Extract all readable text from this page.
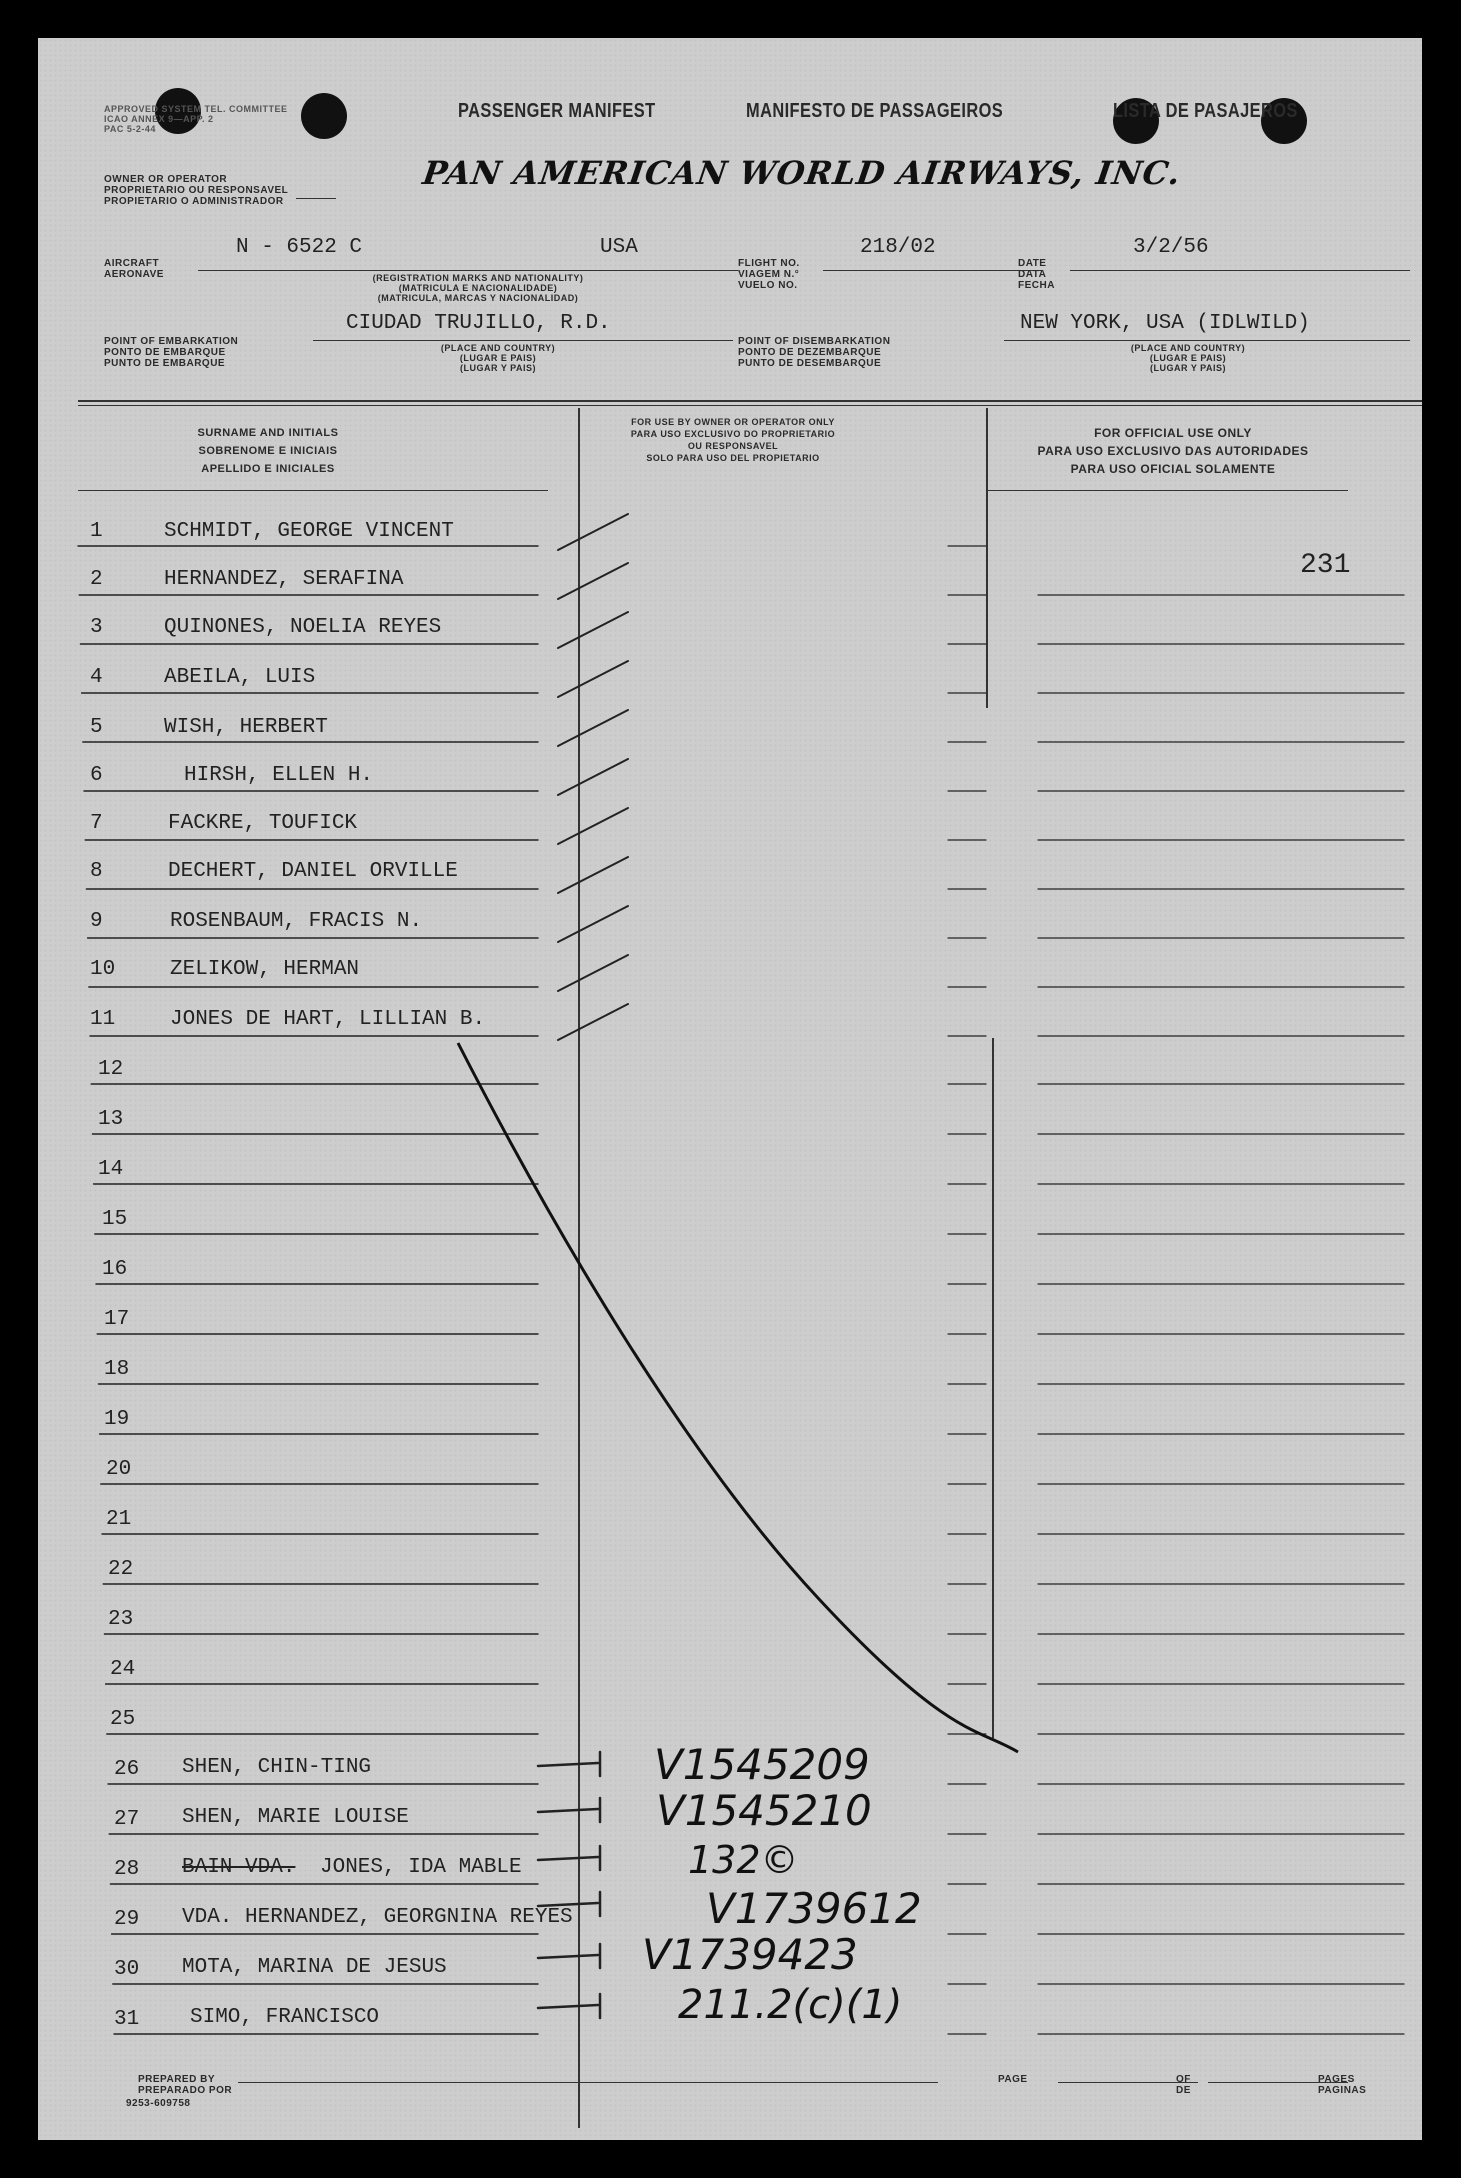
APPROVED SYSTEM TEL. COMMITTEE
ICAO ANNEX 9—APP. 2
PAC 5-2-44
PASSENGER MANIFEST	MANIFESTO DE PASSAGEIROS	LISTA DE PASAJEROS
OWNER OR OPERATOR
PROPRIETARIO OU RESPONSAVEL
PROPIETARIO O ADMINISTRADOR
PAN AMERICAN WORLD AIRWAYS, INC.
AIRCRAFT
AERONAVE
N - 6522 C	USA
(REGISTRATION MARKS AND NATIONALITY)
(MATRICULA E NACIONALIDADE)
(MATRICULA, MARCAS Y NACIONALIDAD)
FLIGHT NO.
VIAGEM N.°
VUELO NO.
218/02
DATE
DATA
FECHA
3/2/56
CIUDAD TRUJILLO, R.D.
POINT OF EMBARKATION
PONTO DE EMBARQUE
PUNTO DE EMBARQUE
(PLACE AND COUNTRY)
(LUGAR E PAIS)
(LUGAR Y PAIS)
NEW YORK, USA (IDLWILD)
POINT OF DISEMBARKATION
PONTO DE DEZEMBARQUE
PUNTO DE DESEMBARQUE
(PLACE AND COUNTRY)
(LUGAR E PAIS)
(LUGAR Y PAIS)
SURNAME AND INITIALS
SOBRENOME E INICIAIS
APELLIDO E INICIALES
FOR USE BY OWNER OR OPERATOR ONLY
PARA USO EXCLUSIVO DO PROPRIETARIO
OU RESPONSAVEL
SOLO PARA USO DEL PROPIETARIO
FOR OFFICIAL USE ONLY
PARA USO EXCLUSIVO DAS AUTORIDADES
PARA USO OFICIAL SOLAMENTE
231
1	SCHMIDT, GEORGE VINCENT
2	HERNANDEZ, SERAFINA
3	QUINONES, NOELIA REYES
4	ABEILA, LUIS
5	WISH, HERBERT
6	HIRSH, ELLEN H.
7	FACKRE, TOUFICK
8	DECHERT, DANIEL ORVILLE
9	ROSENBAUM, FRACIS N.
10	ZELIKOW, HERMAN
11	JONES DE HART, LILLIAN B.
12
13
14
15
16
17
18
19
20
21
22
23
24
25
26 SHEN, CHIN-TING	V1545209
27 SHEN, MARIE LOUISE	V1545210
28 BAIN VDA. JONES, IDA MABLE	132©
29 VDA. HERNANDEZ, GEORGNINA REYES	V1739612
30 MOTA, MARINA DE JESUS	V1739423
31 SIMO, FRANCISCO	211.2(c)(1)
PREPARED BY
PREPARADO POR
9253-609758
PAGE	OF
DE
PAGES
PAGINAS
